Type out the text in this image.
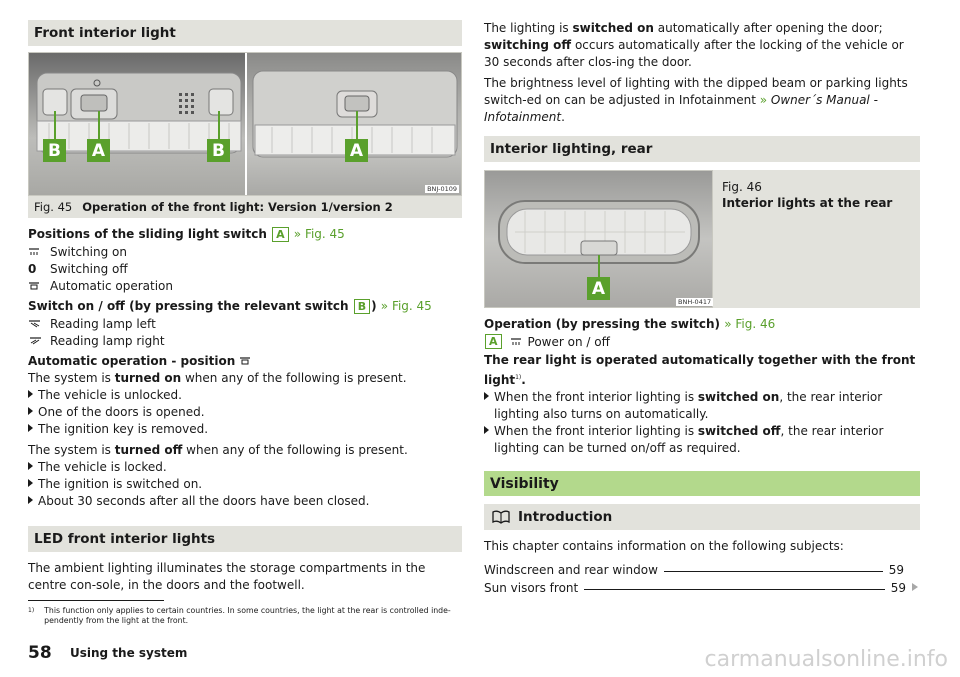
Front interior light
B A	B	A
BNJ-0109
Fig. 45 Operation of the front light: Version 1/version 2

Positions of the sliding light switch A » Fig. 45

Switching on
0	Switching off
Automatic operation

Switch on / off (by pressing the relevant switch B ) » Fig. 45

Reading lamp left
Reading lamp right

Automatic operation - position

The system is turned on when any of the following is present.

The vehicle is unlocked.

One of the doors is opened.

The ignition key is removed.

The system is turned off when any of the following is present.

The vehicle is locked.

The ignition is switched on.

About 30 seconds after all the doors have been closed.

LED front interior lights

The ambient lighting illuminates the storage compartments in the centre con-sole, in the doors and the footwell.

The lighting is switched on automatically after opening the door; switching off occurs automatically after the locking of the vehicle or 30 seconds after clos-ing the door.

The brightness level of lighting with the dipped beam or parking lights switch-ed on can be adjusted in Infotainment » Owner´s Manual - Infotainment.

Interior lighting, rear
A
BNH-0417
Fig. 46
Interior lights at the rear

Operation (by pressing the switch) » Fig. 46

A	Power on / off

The rear light is operated automatically together with the front light$^{1)}$.

When the front interior lighting is switched on, the rear interior lighting also turns on automatically.

When the front interior lighting is switched off, the rear interior lighting can be turned on/off as required.

Visibility
Introduction

This chapter contains information on the following subjects:

Windscreen and rear window	59
Sun visors front	59
1) This function only applies to certain countries. In some countries, the light at the rear is controlled inde-pendently from the light at the front.
58 Using the system	carmanualsonline.info
